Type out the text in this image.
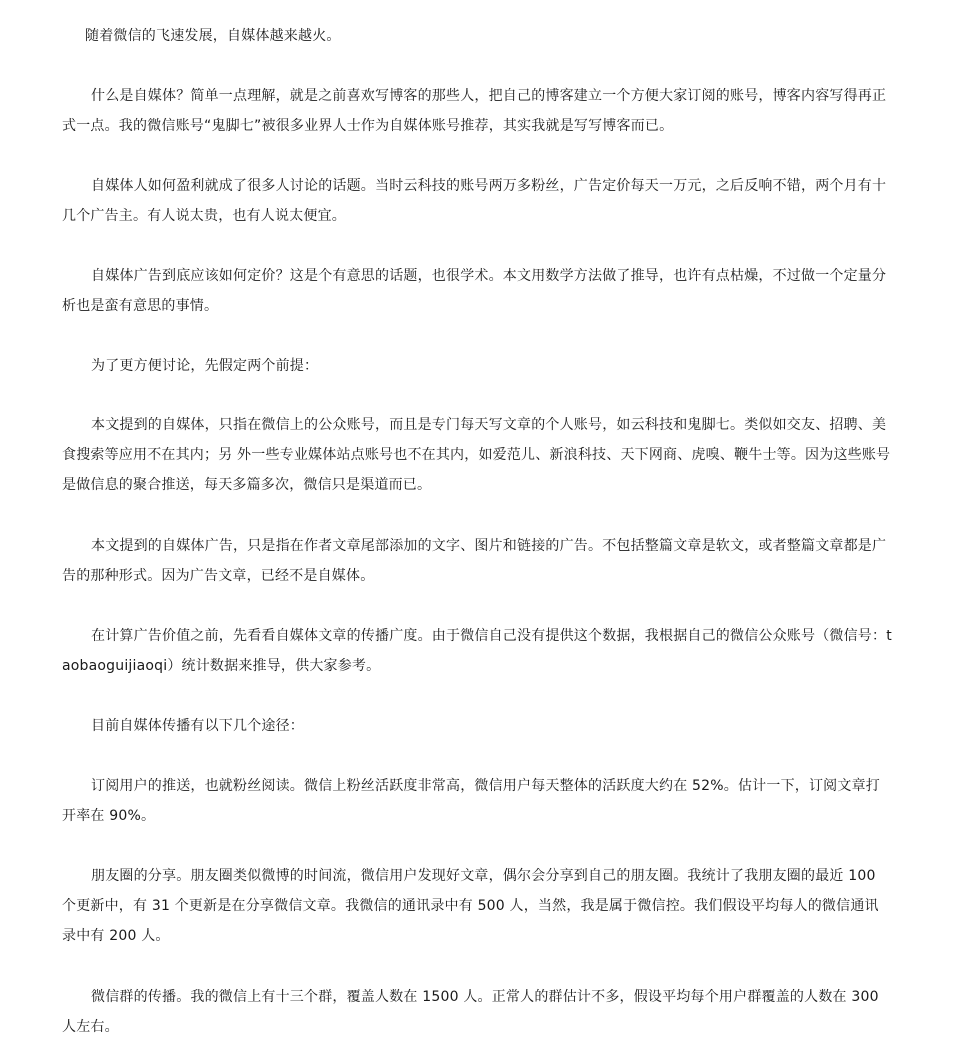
随着微信的飞速发展，自媒体越来越火。

什么是自媒体？简单一点理解，就是之前喜欢写博客的那些人，把自己的博客建立一个方便大家订阅的账号，博客内容写得再正式一点。我的微信账号“鬼脚七”被很多业界人士作为自媒体账号推荐，其实我就是写写博客而已。

自媒体人如何盈利就成了很多人讨论的话题。当时云科技的账号两万多粉丝，广告定价每天一万元，之后反响不错，两个月有十几个广告主。有人说太贵，也有人说太便宜。

自媒体广告到底应该如何定价？这是个有意思的话题，也很学术。本文用数学方法做了推导，也许有点枯燥，不过做一个定量分析也是蛮有意思的事情。

为了更方便讨论，先假定两个前提：

本文提到的自媒体，只指在微信上的公众账号，而且是专门每天写文章的个人账号，如云科技和鬼脚七。类似如交友、招聘、美食搜索等应用不在其内；另 外一些专业媒体站点账号也不在其内，如爱范儿、新浪科技、天下网商、虎嗅、鞭牛士等。因为这些账号是做信息的聚合推送，每天多篇多次，微信只是渠道而已。

本文提到的自媒体广告，只是指在作者文章尾部添加的文字、图片和链接的广告。不包括整篇文章是软文，或者整篇文章都是广告的那种形式。因为广告文章，已经不是自媒体。

在计算广告价值之前，先看看自媒体文章的传播广度。由于微信自己没有提供这个数据，我根据自己的微信公众账号（微信号：taobaoguijiaoqi）统计数据来推导，供大家参考。

目前自媒体传播有以下几个途径：

订阅用户的推送，也就粉丝阅读。微信上粉丝活跃度非常高，微信用户每天整体的活跃度大约在 52%。估计一下，订阅文章打开率在 90%。

朋友圈的分享。朋友圈类似微博的时间流，微信用户发现好文章，偶尔会分享到自己的朋友圈。我统计了我朋友圈的最近 100 个更新中，有 31 个更新是在分享微信文章。我微信的通讯录中有 500 人，当然，我是属于微信控。我们假设平均每人的微信通讯录中有 200 人。

微信群的传播。我的微信上有十三个群，覆盖人数在 1500 人。正常人的群估计不多，假设平均每个用户群覆盖的人数在 300 人左右。
